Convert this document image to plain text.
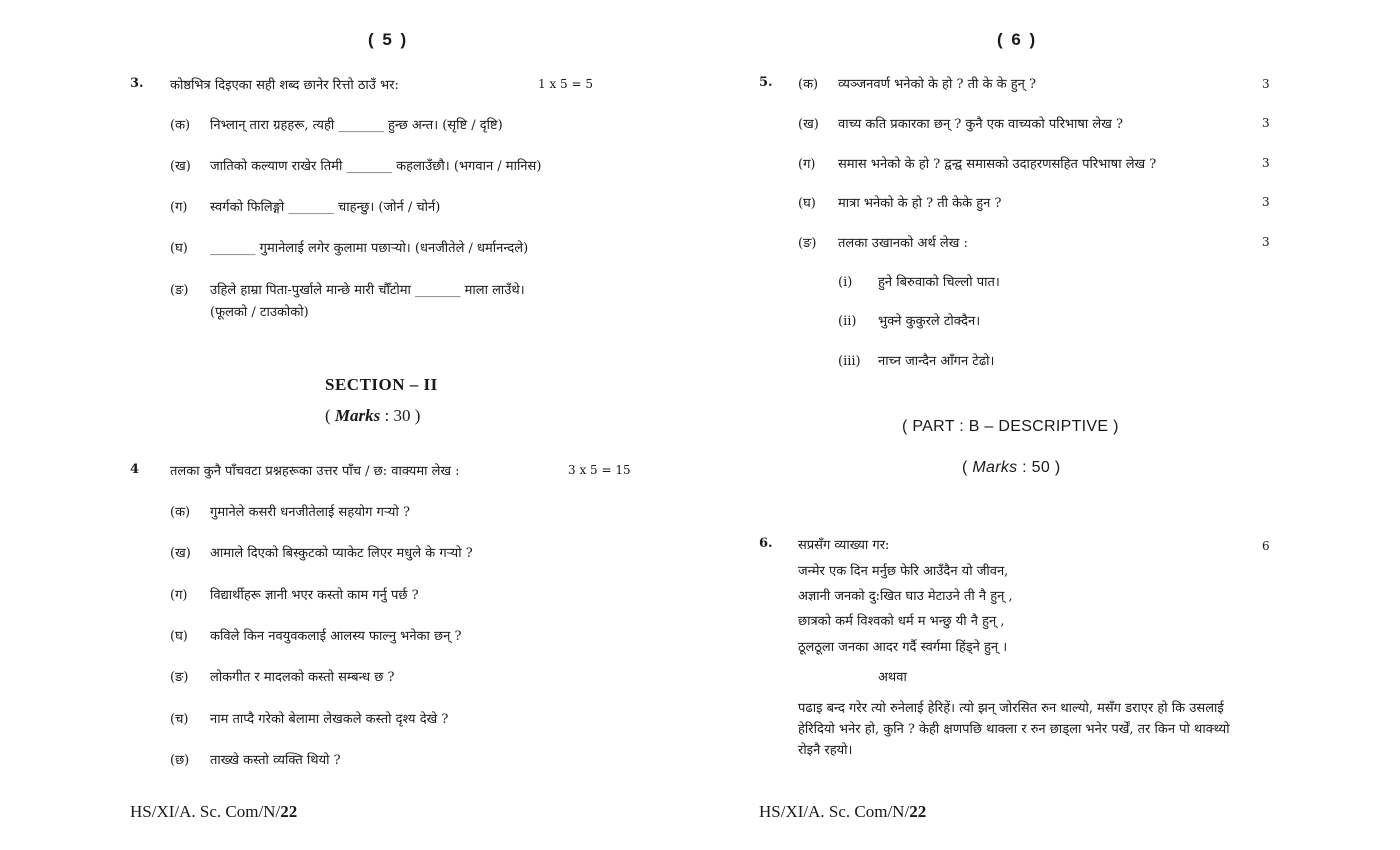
( 5 )
3. कोष्ठभित्र दिइएका सही शब्द छानेर रित्तो ठाउँ भर:	1 x 5 = 5
(क) निभ्लान् तारा ग्रहहरू, त्यही _______ हुन्छ अन्त। (सृष्टि / दृष्टि)
(ख) जातिको कल्याण राखेर तिमी _______ कहलाउँछौ। (भगवान / मानिस)
(ग) स्वर्गको फिलिङ्गो _______ चाहन्छु। (जोर्न / चोर्न)
(घ) _______ गुमानेलाई लगेर कुलामा पछाऱ्यो। (धनजीतेले / धर्मानन्दले)
(ङ) उहिले हाम्रा पिता-पुर्खाले मान्छे मारी चौँटोमा _______ माला लाउँथे।
(फूलको / टाउकोको)
SECTION – II
( Marks : 30 )
4 तलका कुनै पाँचवटा प्रश्नहरूका उत्तर पाँच / छ: वाक्यमा लेख :	3 x 5 = 15
(क) गुमानेले कसरी धनजीतेलाई सहयोग गऱ्यो ?
(ख) आमाले दिएको बिस्कुटको प्याकेट लिएर मधुले के गऱ्यो ?
(ग) विद्यार्थीहरू ज्ञानी भएर कस्तो काम गर्नु पर्छ ?
(घ) कविले किन नवयुवकलाई आलस्य फाल्नु भनेका छन् ?
(ङ) लोकगीत र मादलको कस्तो सम्बन्ध छ ?
(च) नाम ताप्दै गरेको बेलामा लेखकले कस्तो दृश्य देखे ?
(छ) ताख्खे कस्तो व्यक्ति थियो ?
HS/XI/A. Sc. Com/N/22
( 6 )
5. (क) व्यञ्जनवर्ण भनेको के हो ? ती के के हुन् ?	3
(ख) वाच्य कति प्रकारका छन् ? कुनै एक वाच्यको परिभाषा लेख ?	3
(ग) समास भनेको के हो ? द्वन्द्व समासको उदाहरणसहित परिभाषा लेख ?	3
(घ) मात्रा भनेको के हो ? ती केके हुन ?	3
(ङ) तलका उखानको अर्थ लेख :	3
(i) हुने बिरुवाको चिल्लो पात।
(ii) भुक्ने कुकुरले टोक्दैन।
(iii) नाच्न जान्दैन आँगन टेढो।
( PART : B – DESCRIPTIVE )
( Marks : 50 )
6. सप्रसँग व्याख्या गर:	6
जन्मेर एक दिन मर्नुछ फेरि आउँदैन यो जीवन,
अज्ञानी जनको दु:खित घाउ मेटाउने ती नै हुन् ,
छात्रको कर्म विश्वको धर्म म भन्छु यी नै हुन् ,
ठूलठूला जनका आदर गर्दै स्वर्गमा हिंड्ने हुन् ।
अथवा
पढाइ बन्द गरेर त्यो रुनेलाई हेरिहें। त्यो झन् जोरसित रुन थाल्यो, मसँग डराएर हो कि उसलाई हेरिदियो भनेर हो, कुनि ? केही क्षणपछि थाक्ला र रुन छाड्ला भनेर पर्खें, तर किन पो थाक्थ्यो रोइनै रहयो।
HS/XI/A. Sc. Com/N/22
